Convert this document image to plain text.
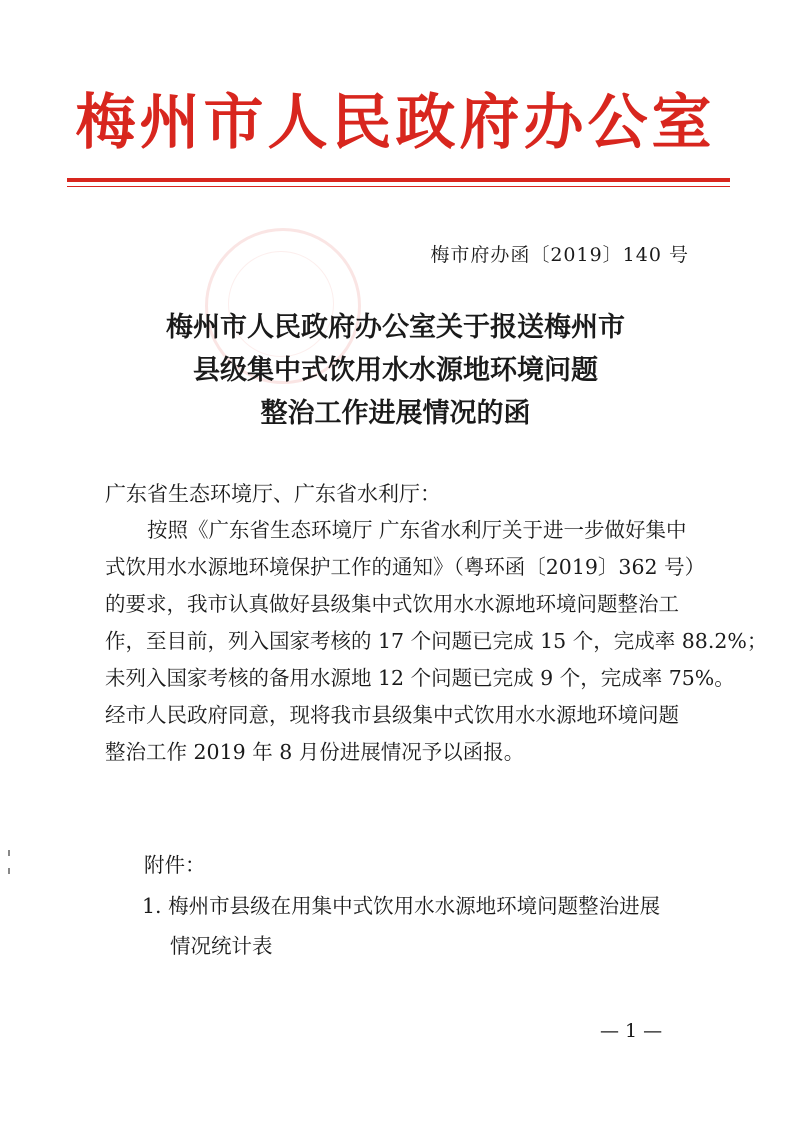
梅州市人民政府办公室
梅市府办函〔2019〕140 号
梅州市人民政府办公室关于报送梅州市
县级集中式饮用水水源地环境问题
整治工作进展情况的函
广东省生态环境厅、广东省水利厅：
按照《广东省生态环境厅 广东省水利厅关于进一步做好集中
式饮用水水源地环境保护工作的通知》（粤环函〔2019〕362 号）
的要求，我市认真做好县级集中式饮用水水源地环境问题整治工
作，至目前，列入国家考核的 17 个问题已完成 15 个，完成率 88.2%；
未列入国家考核的备用水源地 12 个问题已完成 9 个，完成率 75%。
经市人民政府同意，现将我市县级集中式饮用水水源地环境问题
整治工作 2019 年 8 月份进展情况予以函报。
附件：
1. 梅州市县级在用集中式饮用水水源地环境问题整治进展
情况统计表
— 1 —
